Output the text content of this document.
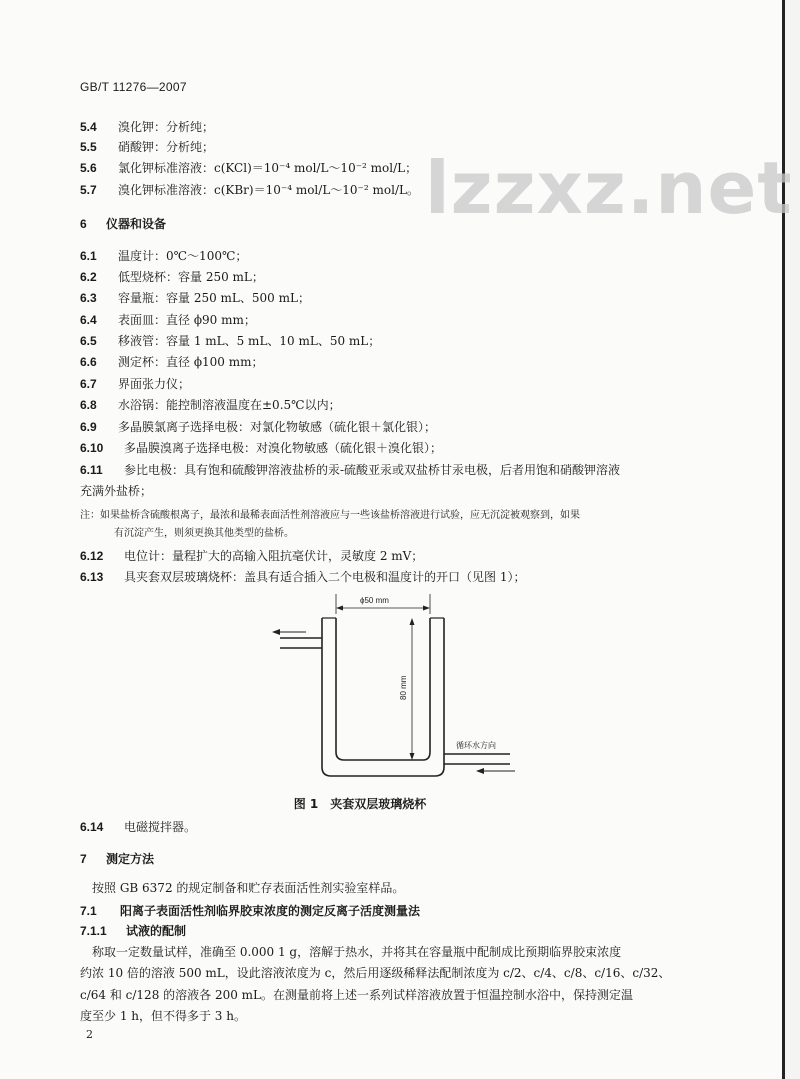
GB/T 11276—2007
lzzxz.net
5.4 溴化钾：分析纯；
5.5 硝酸钾：分析纯；
5.6 氯化钾标准溶液：c(KCl)＝10⁻⁴ mol/L～10⁻² mol/L；
5.7 溴化钾标准溶液：c(KBr)＝10⁻⁴ mol/L～10⁻² mol/L。
6 仪器和设备
6.1 温度计：0℃～100℃；
6.2 低型烧杯：容量 250 mL；
6.3 容量瓶：容量 250 mL、500 mL；
6.4 表面皿：直径 ϕ90 mm；
6.5 移液管：容量 1 mL、5 mL、10 mL、50 mL；
6.6 测定杯：直径 ϕ100 mm；
6.7 界面张力仪；
6.8 水浴锅：能控制溶液温度在±0.5℃以内；
6.9 多晶膜氯离子选择电极：对氯化物敏感（硫化银＋氯化银）；
6.10 多晶膜溴离子选择电极：对溴化物敏感（硫化银＋溴化银）；
6.11 参比电极：具有饱和硫酸钾溶液盐桥的汞-硫酸亚汞或双盐桥甘汞电极，后者用饱和硝酸钾溶液
充满外盐桥；
注：如果盐桥含硫酸根离子，最浓和最稀表面活性剂溶液应与一些该盐桥溶液进行试验，应无沉淀被观察到，如果
有沉淀产生，则须更换其他类型的盐桥。
6.12 电位计：量程扩大的高输入阻抗毫伏计，灵敏度 2 mV；
6.13 具夹套双层玻璃烧杯：盖具有适合插入二个电极和温度计的开口（见图 1）；
ϕ50 mm
80 mm
循环水方向
图 1　夹套双层玻璃烧杯
6.14 电磁搅拌器。
7 测定方法
按照 GB 6372 的规定制备和贮存表面活性剂实验室样品。
7.1 阳离子表面活性剂临界胶束浓度的测定反离子活度测量法
7.1.1 试液的配制
称取一定数量试样，准确至 0.000 1 g，溶解于热水，并将其在容量瓶中配制成比预期临界胶束浓度
约浓 10 倍的溶液 500 mL，设此溶液浓度为 c，然后用逐级稀释法配制浓度为 c/2、c/4、c/8、c/16、c/32、
c/64 和 c/128 的溶液各 200 mL。在测量前将上述一系列试样溶液放置于恒温控制水浴中，保持测定温
度至少 1 h，但不得多于 3 h。
2
